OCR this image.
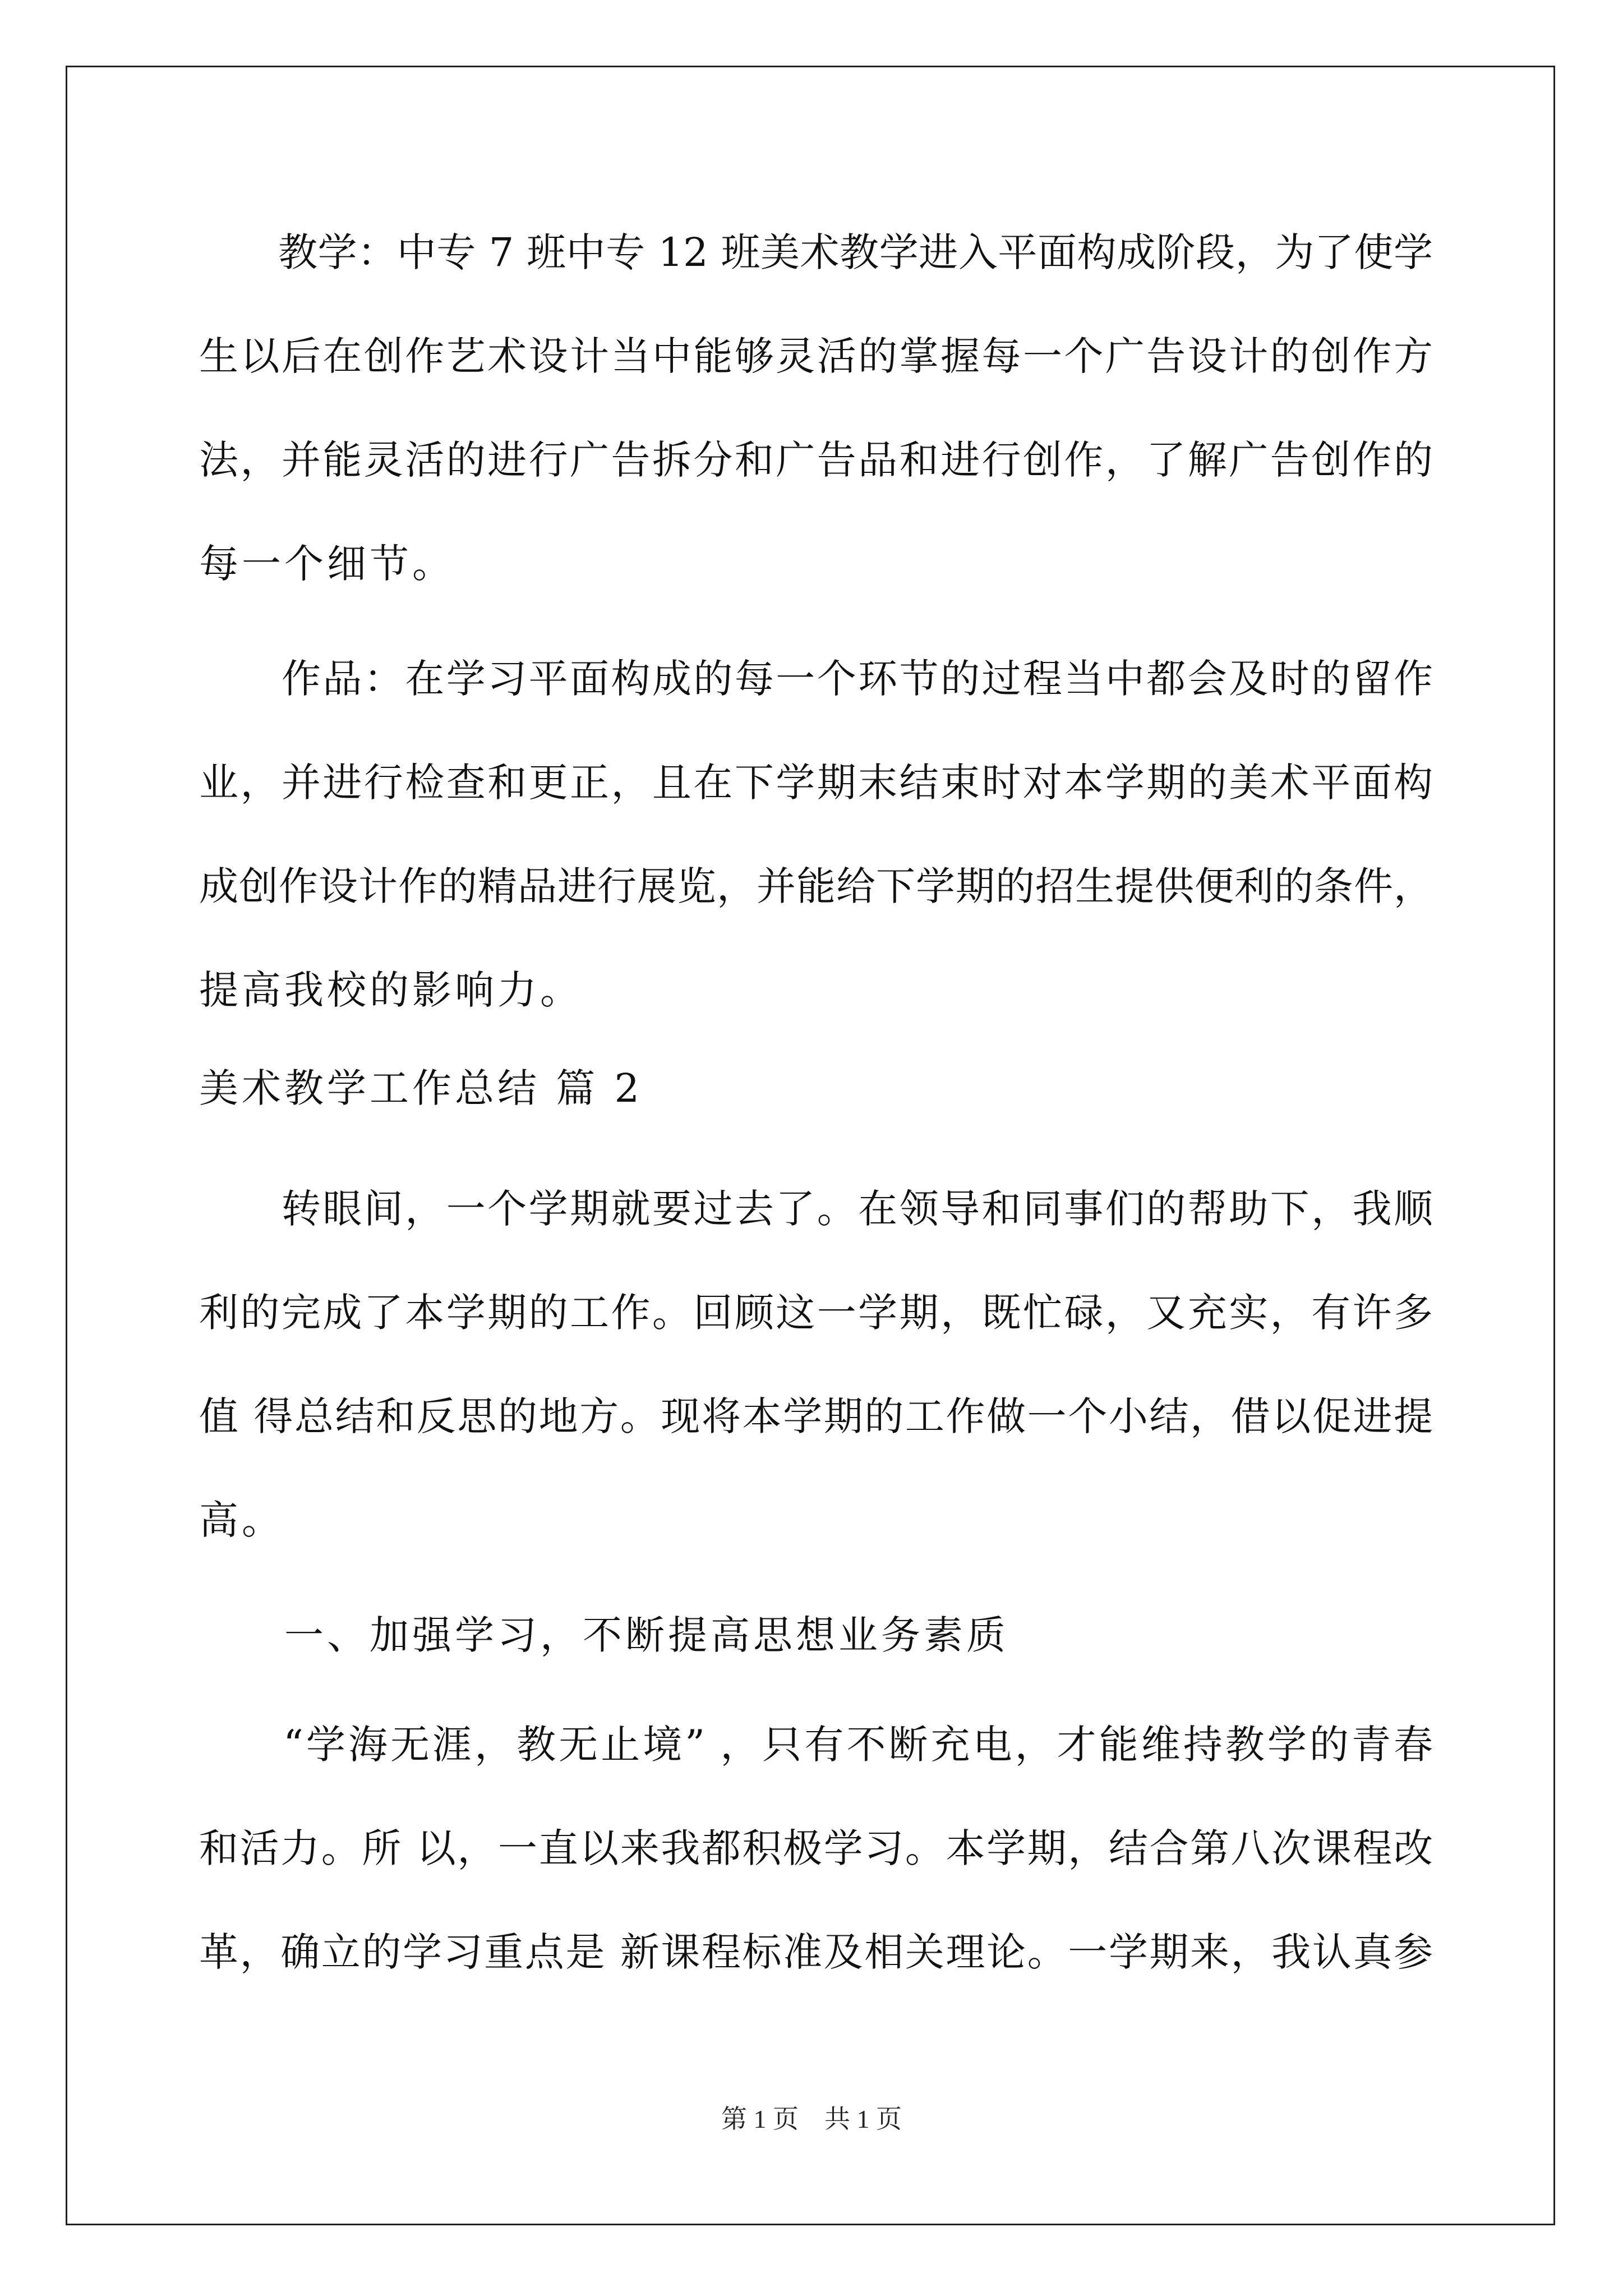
　　教学：中专 7 班中专 12 班美术教学进入平面构成阶段，为了使学
生以后在创作艺术设计当中能够灵活的掌握每一个广告设计的创作方
法，并能灵活的进行广告拆分和广告品和进行创作，了解广告创作的
每一个细节。
　　作品：在学习平面构成的每一个环节的过程当中都会及时的留作
业，并进行检查和更正，且在下学期末结束时对本学期的美术平面构
成创作设计作的精品进行展览，并能给下学期的招生提供便利的条件，
提高我校的影响力。
美术教学工作总结 篇 2
　　转眼间，一个学期就要过去了。在领导和同事们的帮助下，我顺
利的完成了本学期的工作。回顾这一学期，既忙碌，又充实，有许多
值 得总结和反思的地方。现将本学期的工作做一个小结，借以促进提
高。
　　一、加强学习，不断提高思想业务素质
　　“学海无涯，教无止境” ，只有不断充电，才能维持教学的青春
和活力。所 以，一直以来我都积极学习。本学期，结合第八次课程改
革，确立的学习重点是 新课程标准及相关理论。一学期来，我认真参
第 1 页　共 1 页
